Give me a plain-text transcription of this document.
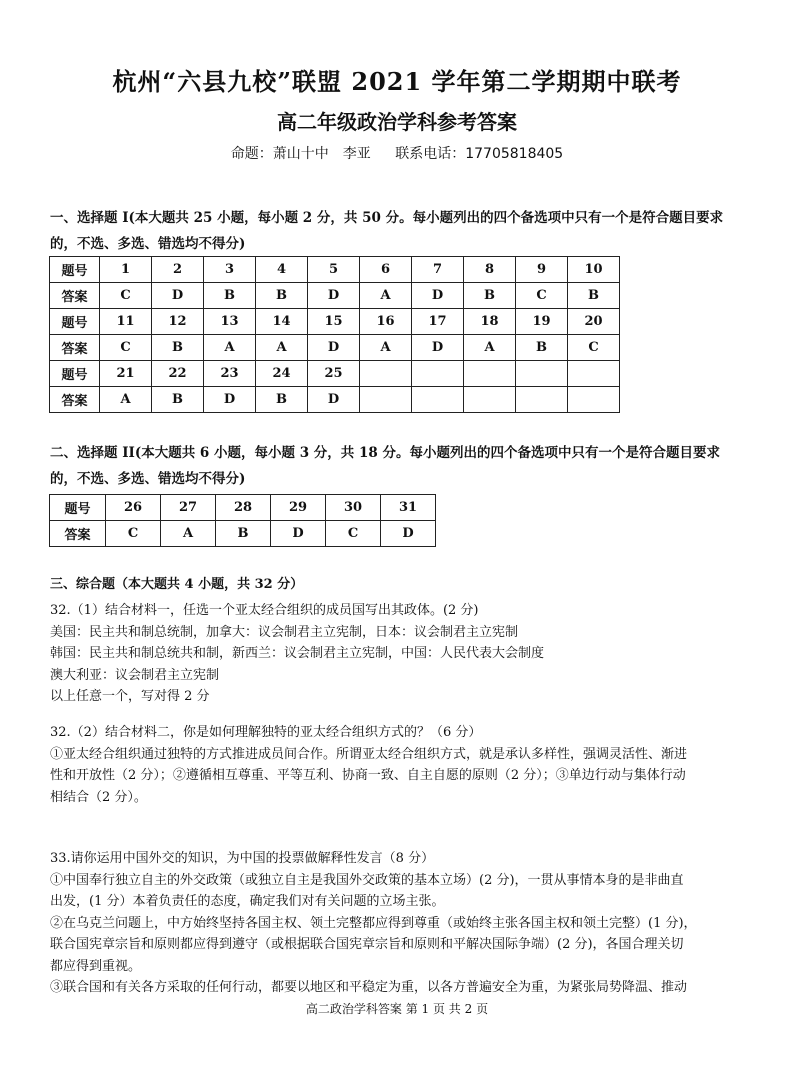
杭州“六县九校”联盟 2021 学年第二学期期中联考
高二年级政治学科参考答案
命题：萧山十中　李亚 联系电话：17705818405
一、选择题 I(本大题共 25 小题，每小题 2 分，共 50 分。每小题列出的四个备选项中只有一个是符合题目要求
的，不选、多选、错选均不得分)
题号	1	2	3	4	5	6	7	8	9	10
答案	C	D	B	B	D	A	D	B	C	B
题号	11	12	13	14	15	16	17	18	19	20
答案	C	B	A	A	D	A	D	A	B	C
题号	21	22	23	24	25					
答案	A	B	D	B	D					
二、选择题 II(本大题共 6 小题，每小题 3 分，共 18 分。每小题列出的四个备选项中只有一个是符合题目要求
的，不选、多选、错选均不得分)
题号	26	27	28	29	30	31
答案	C	A	B	D	C	D
三、综合题（本大题共 4 小题，共 32 分）

32.（1）结合材料一，任选一个亚太经合组织的成员国写出其政体。(2 分)

美国：民主共和制总统制，加拿大：议会制君主立宪制，日本：议会制君主立宪制

韩国：民主共和制总统共和制，新西兰：议会制君主立宪制，中国：人民代表大会制度

澳大利亚：议会制君主立宪制

以上任意一个，写对得 2 分

32.（2）结合材料二，你是如何理解独特的亚太经合组织方式的？（6 分）

①亚太经合组织通过独特的方式推进成员间合作。所谓亚太经合组织方式，就是承认多样性，强调灵活性、渐进

性和开放性（2 分）；②遵循相互尊重、平等互利、协商一致、自主自愿的原则（2 分）；③单边行动与集体行动

相结合（2 分）。

33.请你运用中国外交的知识，为中国的投票做解释性发言（8 分）

①中国奉行独立自主的外交政策（或独立自主是我国外交政策的基本立场）(2 分)，一贯从事情本身的是非曲直

出发，(1 分）本着负责任的态度，确定我们对有关问题的立场主张。

②在乌克兰问题上，中方始终坚持各国主权、领土完整都应得到尊重（或始终主张各国主权和领土完整）(1 分)，

联合国宪章宗旨和原则都应得到遵守（或根据联合国宪章宗旨和原则和平解决国际争端）(2 分)，各国合理关切

都应得到重视。

③联合国和有关各方采取的任何行动，都要以地区和平稳定为重，以各方普遍安全为重，为紧张局势降温、推动

高二政治学科答案 第 1 页 共 2 页
